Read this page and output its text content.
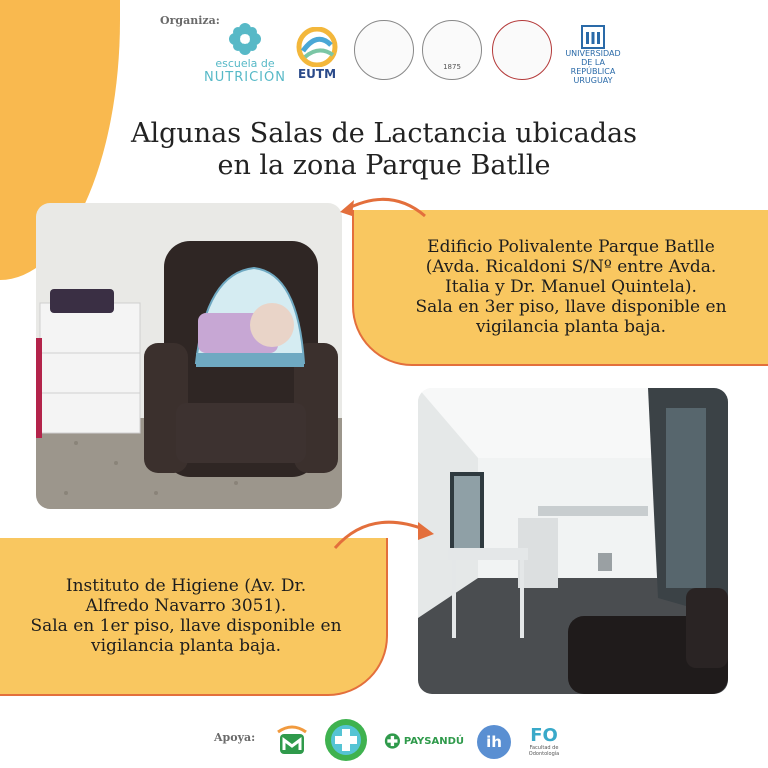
Organiza:
escuela de
NUTRICIÓN EUTM	1875
UNIVERSIDAD DE LA REPÚBLICA URUGUAY
Algunas Salas de Lactancia ubicadas
en la zona Parque Batlle

Edificio Polivalente Parque Batlle

(Avda. Ricaldoni S/Nº entre Avda.

Italia y Dr. Manuel Quintela).

Sala en 3er piso, llave disponible en

vigilancia planta baja.

Instituto de Higiene (Av. Dr.

Alfredo Navarro 3051).

Sala en 1er piso, llave disponible en

vigilancia planta baja.

Apoya:	PAYSANDÚ ih FO
Facultad de Odontología
